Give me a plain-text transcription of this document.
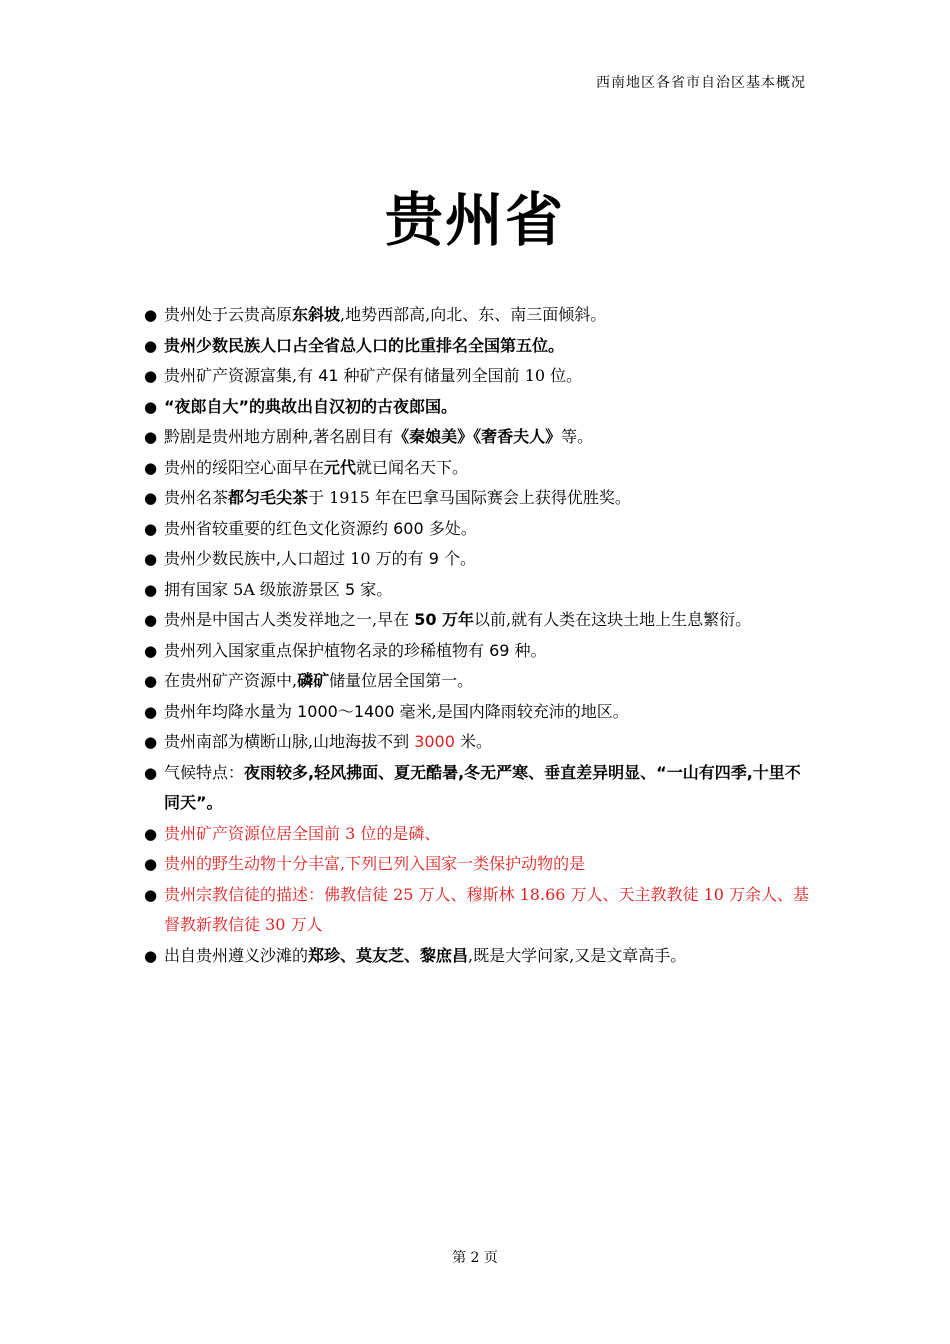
西南地区各省市自治区基本概况
贵州省
● 贵州处于云贵高原东斜坡,地势西部高,向北、东、南三面倾斜。
● 贵州少数民族人口占全省总人口的比重排名全国第五位。
● 贵州矿产资源富集,有 41 种矿产保有储量列全国前 10 位。
● “夜郎自大”的典故出自汉初的古夜郎国。
● 黔剧是贵州地方剧种,著名剧目有《秦娘美》《奢香夫人》等。
● 贵州的绥阳空心面早在元代就已闻名天下。
● 贵州名茶都匀毛尖茶于 1915 年在巴拿马国际赛会上获得优胜奖。
● 贵州省较重要的红色文化资源约 600 多处。
● 贵州少数民族中,人口超过 10 万的有 9 个。
● 拥有国家 5A 级旅游景区 5 家。
● 贵州是中国古人类发祥地之一,早在 50 万年以前,就有人类在这块土地上生息繁衍。
● 贵州列入国家重点保护植物名录的珍稀植物有 69 种。
● 在贵州矿产资源中,磷矿储量位居全国第一。
● 贵州年均降水量为 1000～1400 毫米,是国内降雨较充沛的地区。
● 贵州南部为横断山脉,山地海拔不到 3000 米。
● 气候特点：夜雨较多,轻风拂面、夏无酷暑,冬无严寒、垂直差异明显、“一山有四季,十里不同天”。
● 贵州矿产资源位居全国前 3 位的是磷、
● 贵州的野生动物十分丰富,下列已列入国家一类保护动物的是
● 贵州宗教信徒的描述：佛教信徒 25 万人、穆斯林 18.66 万人、天主教教徒 10 万余人、基督教新教信徒 30 万人
● 出自贵州遵义沙滩的郑珍、莫友芝、黎庶昌,既是大学问家,又是文章高手。
第 2 页
